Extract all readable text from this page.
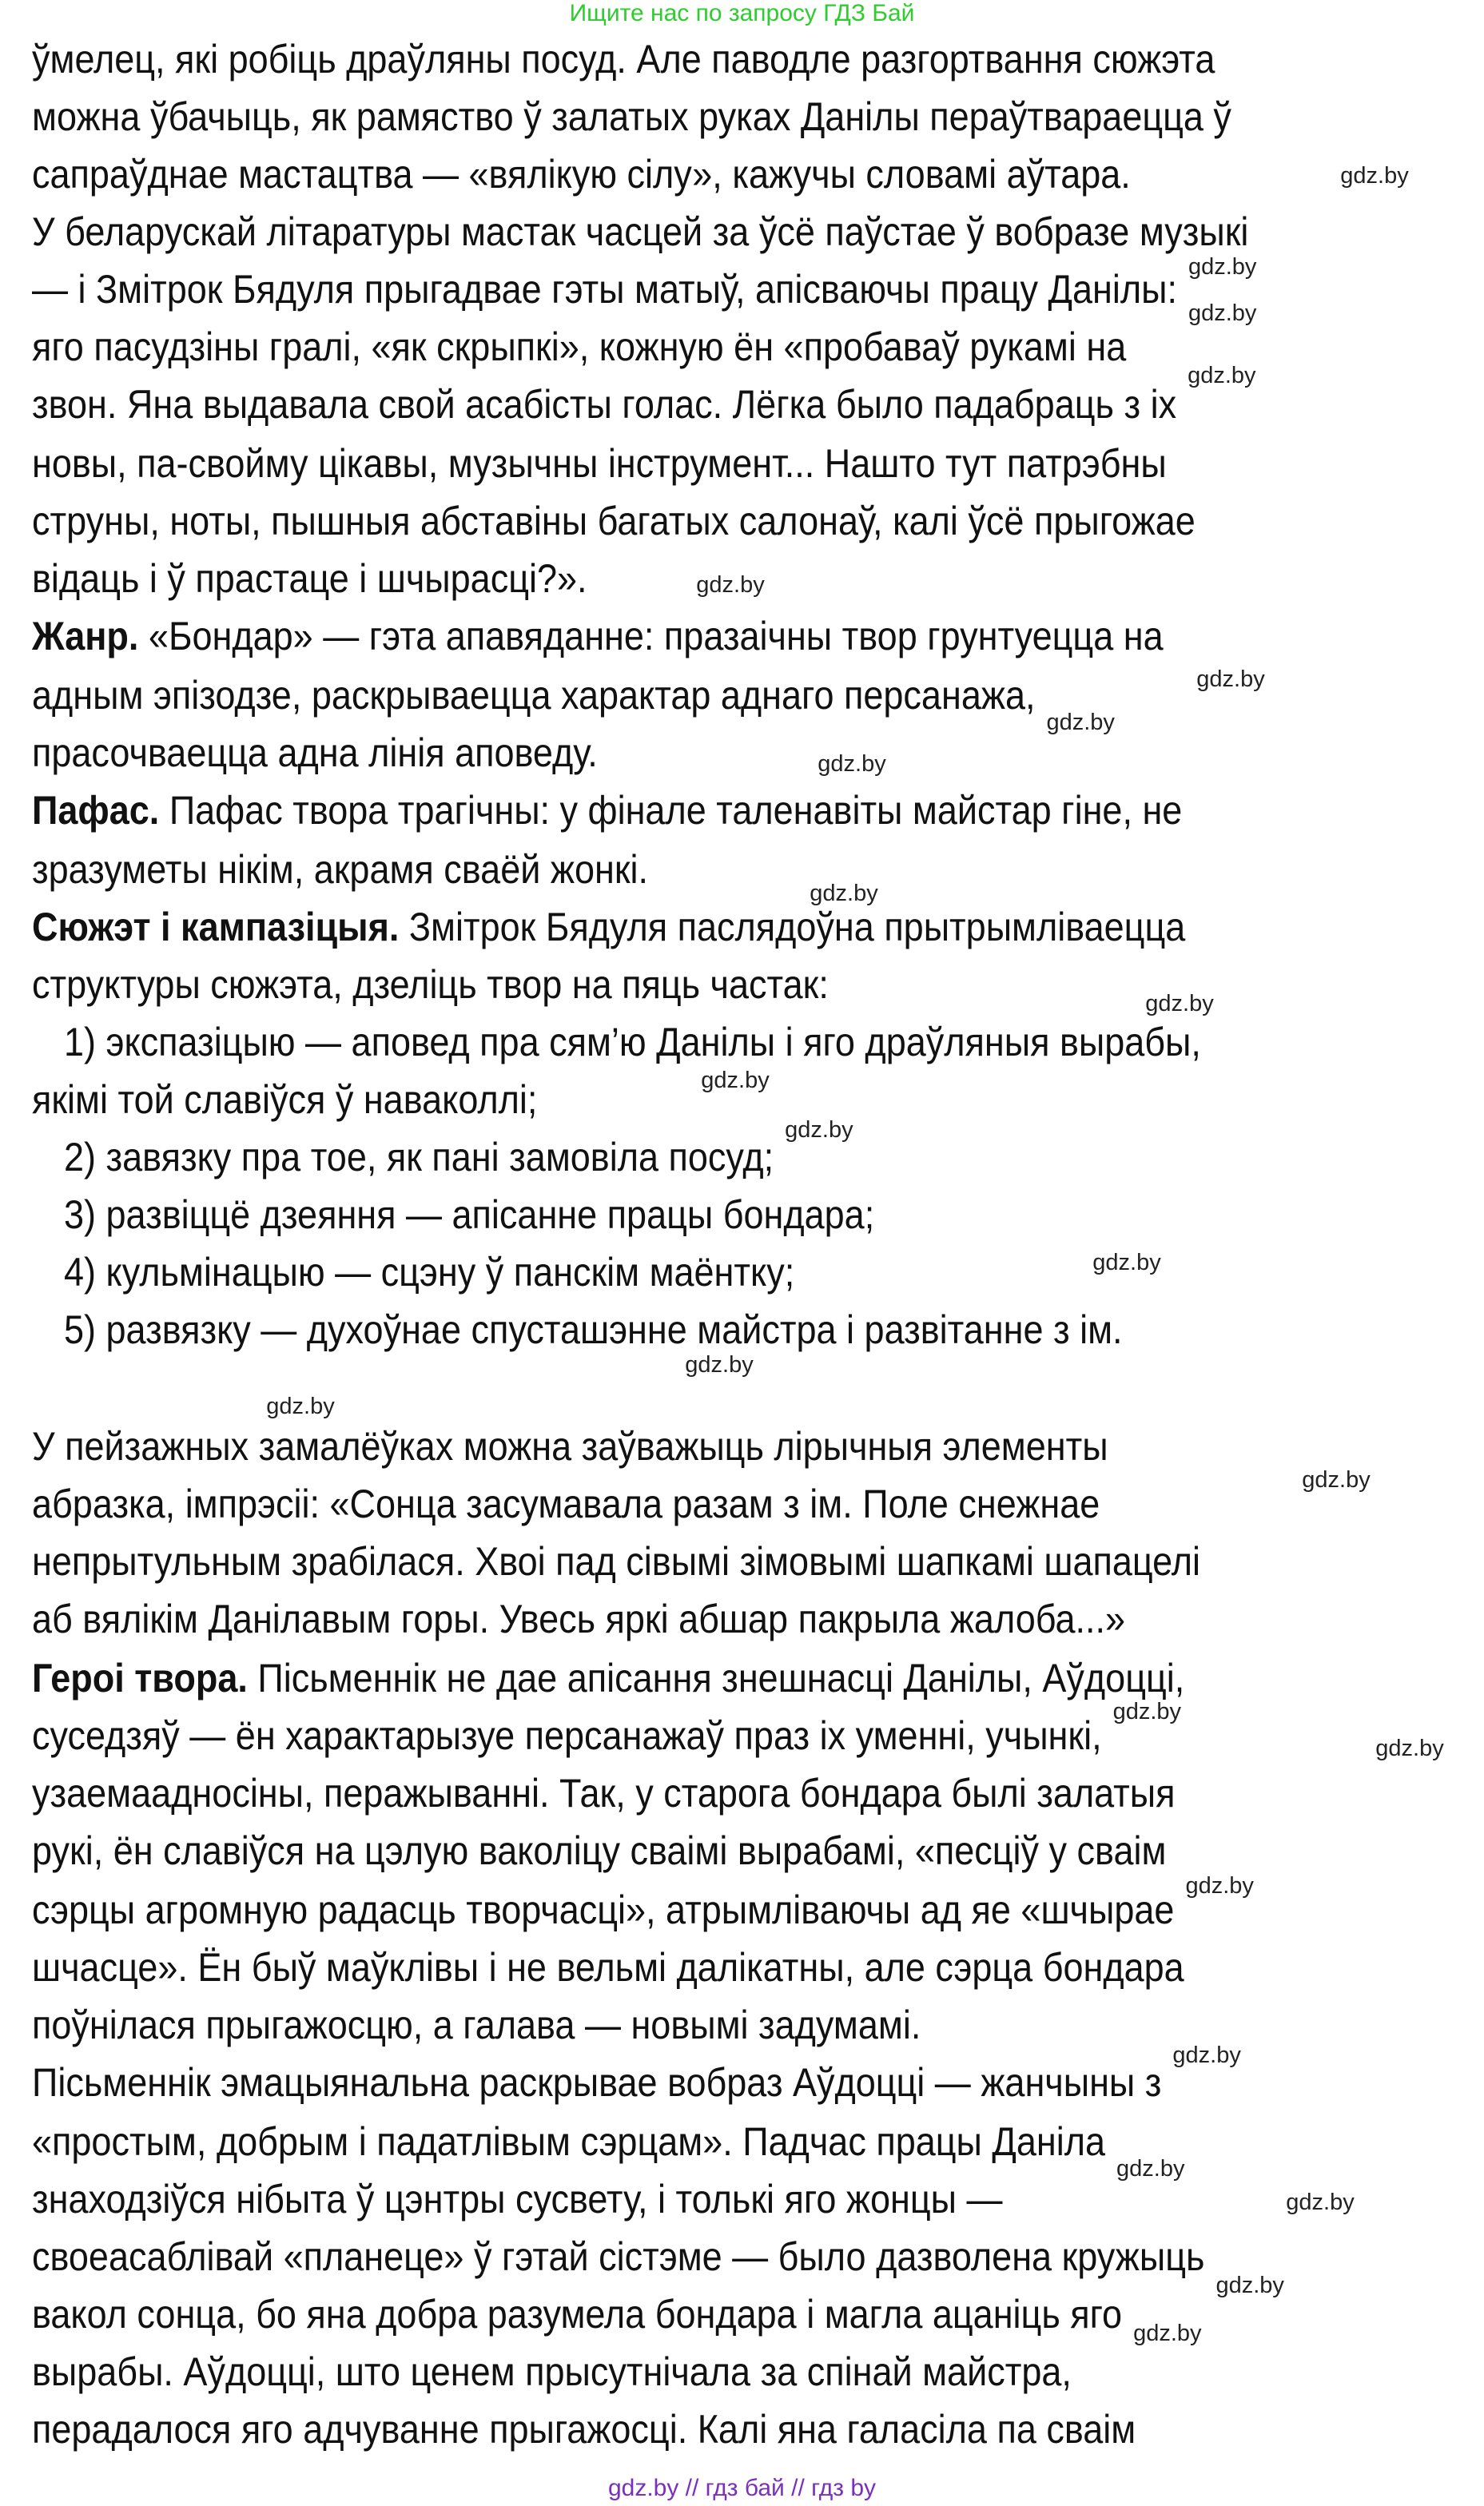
Ищите нас по запросу ГДЗ Бай
ўмелец, які робіць драўляны посуд. Але паводле разгортвання сюжэта
можна ўбачыць, як рамяство ў залатых руках Данілы пераўтвараецца ў
сапраўднае мастацтва — «вялікую сілу», кажучы словамі аўтара.
У беларускай літаратуры мастак часцей за ўсё паўстае ў вобразе музыкі
— і Змітрок Бядуля прыгадвае гэты матыў, апісваючы працу Данілы:
яго пасудзіны гралі, «як скрыпкі», кожную ён «пробаваў рукамі на
звон. Яна выдавала свой асабісты голас. Лёгка было падабраць з іх
новы, па-свойму цікавы, музычны інструмент... Нашто тут патрэбны
струны, ноты, пышныя абставіны багатых салонаў, калі ўсё прыгожае
відаць і ў прастаце і шчырасці?».
Жанр. «Бондар» — гэта апавяданне: празаічны твор грунтуецца на
адным эпізодзе, раскрываецца характар аднаго персанажа,
прасочваецца адна лінія аповеду.
Пафас. Пафас твора трагічны: у фінале таленавіты майстар гіне, не
зразуметы нікім, акрамя сваёй жонкі.
Сюжэт і кампазіцыя. Змітрок Бядуля паслядоўна прытрымліваецца
структуры сюжэта, дзеліць твор на пяць частак:
1) экспазіцыю — аповед пра сям’ю Данілы і яго драўляныя вырабы,
якімі той славіўся ў наваколлі;
2) завязку пра тое, як пані замовіла посуд;
3) развіццё дзеяння — апісанне працы бондара;
4) кульмінацыю — сцэну ў панскім маёнтку;
5) развязку — духоўнае спусташэнне майстра і развітанне з ім.
У пейзажных замалёўках можна заўважыць лірычныя элементы
абразка, імпрэсіі: «Сонца засумавала разам з ім. Поле снежнае
непрытульным зрабілася. Хвоі пад сівымі зімовымі шапкамі шапацелі
аб вялікім Данілавым горы. Увесь яркі абшар пакрыла жалоба...»
Героі твора. Пісьменнік не дае апісання знешнасці Данілы, Аўдоцці,
суседзяў — ён характарызуе персанажаў праз іх уменні, учынкі,
узаемаадносіны, перажыванні. Так, у старога бондара былі залатыя
рукі, ён славіўся на цэлую ваколіцу сваімі вырабамі, «песціў у сваім
сэрцы агромную радасць творчасці», атрымліваючы ад яе «шчырае
шчасце». Ён быў маўклівы і не вельмі далікатны, але сэрца бондара
поўнілася прыгажосцю, а галава — новымі задумамі.
Пісьменнік эмацыянальна раскрывае вобраз Аўдоцці — жанчыны з
«простым, добрым і падатлівым сэрцам». Падчас працы Даніла
знаходзіўся нібыта ў цэнтры сусвету, і толькі яго жонцы —
своеасаблівай «планеце» ў гэтай сістэме — было дазволена кружыць
вакол сонца, бо яна добра разумела бондара і магла ацаніць яго
вырабы. Аўдоцці, што ценем прысутнічала за спінай майстра,
перадалося яго адчуванне прыгажосці. Калі яна галасіла па сваім
gdz.by
gdz.by
gdz.by
gdz.by
gdz.by
gdz.by
gdz.by
gdz.by
gdz.by
gdz.by
gdz.by
gdz.by
gdz.by
gdz.by
gdz.by
gdz.by
gdz.by
gdz.by
gdz.by
gdz.by
gdz.by
gdz.by
gdz.by
gdz.by
gdz.by // гдз бай // гдз by
